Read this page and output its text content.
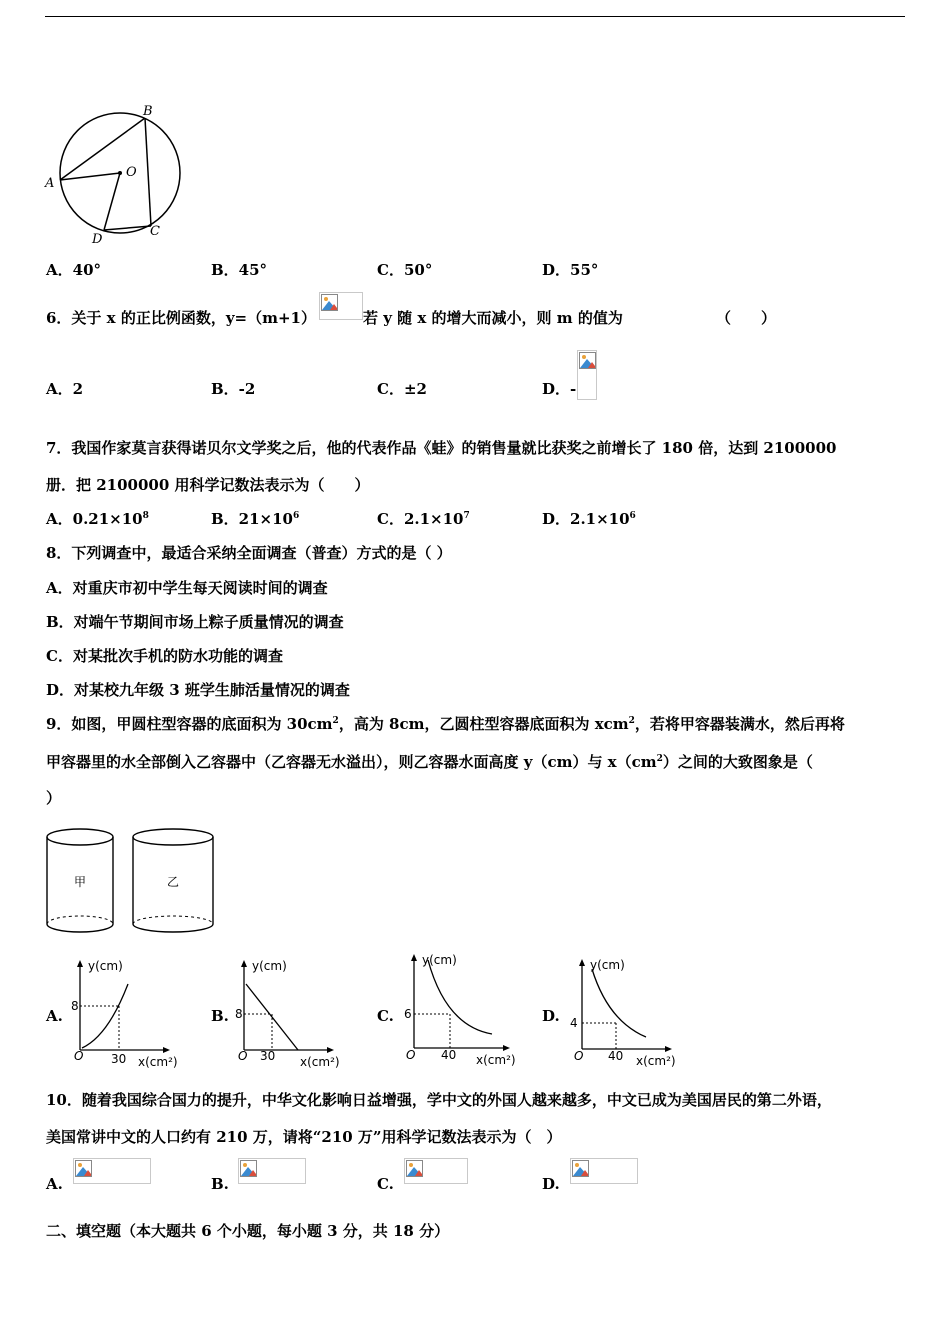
B
O
A
D
C
A．40°	B．45°	C．50°	D．55°
6．关于 x 的正比例函数，y=（m+1）	若 y 随 x 的增大而减小，则 m 的值为	（　　）
A．2	B．-2	C．±2	D．-
7．我国作家莫言获得诺贝尔文学奖之后，他的代表作品《蛙》的销售量就比获奖之前增长了 180 倍，达到 2100000
册．把 2100000 用科学记数法表示为（　　）
A．$0.21\times 10^8$	B．$21\times 10^6$	C．$2.1\times 10^7$	D．$2.1\times 10^6$
8．下列调查中，最适合采纳全面调查（普查）方式的是（ ）
A．对重庆市初中学生每天阅读时间的调查
B．对端午节期间市场上粽子质量情况的调查
C．对某批次手机的防水功能的调查
D．对某校九年级 3 班学生肺活量情况的调查
9．如图，甲圆柱型容器的底面积为 $30cm^2$，高为 8cm，乙圆柱型容器底面积为 xcm$^2$，若将甲容器装满水，然后再将
甲容器里的水全部倒入乙容器中（乙容器无水溢出），则乙容器水面高度 y（cm）与 $x(cm^2)$之间的大致图象是（
）
甲	乙
A.
y(cm)
x(cm²)
8
30
O
B.
y(cm)
x(cm²)
8
30
O
C.
y(cm)
x(cm²)
6
40
O
D.
y(cm)
x(cm²)
4
40
O
10．随着我国综合国力的提升，中华文化影响日益增强，学中文的外国人越来越多，中文已成为美国居民的第二外语，
美国常讲中文的人口约有 210 万，请将“210 万”用科学记数法表示为（　）
A.	B.	C.	D.
二、填空题（本大题共 6 个小题，每小题 3 分，共 18 分）
